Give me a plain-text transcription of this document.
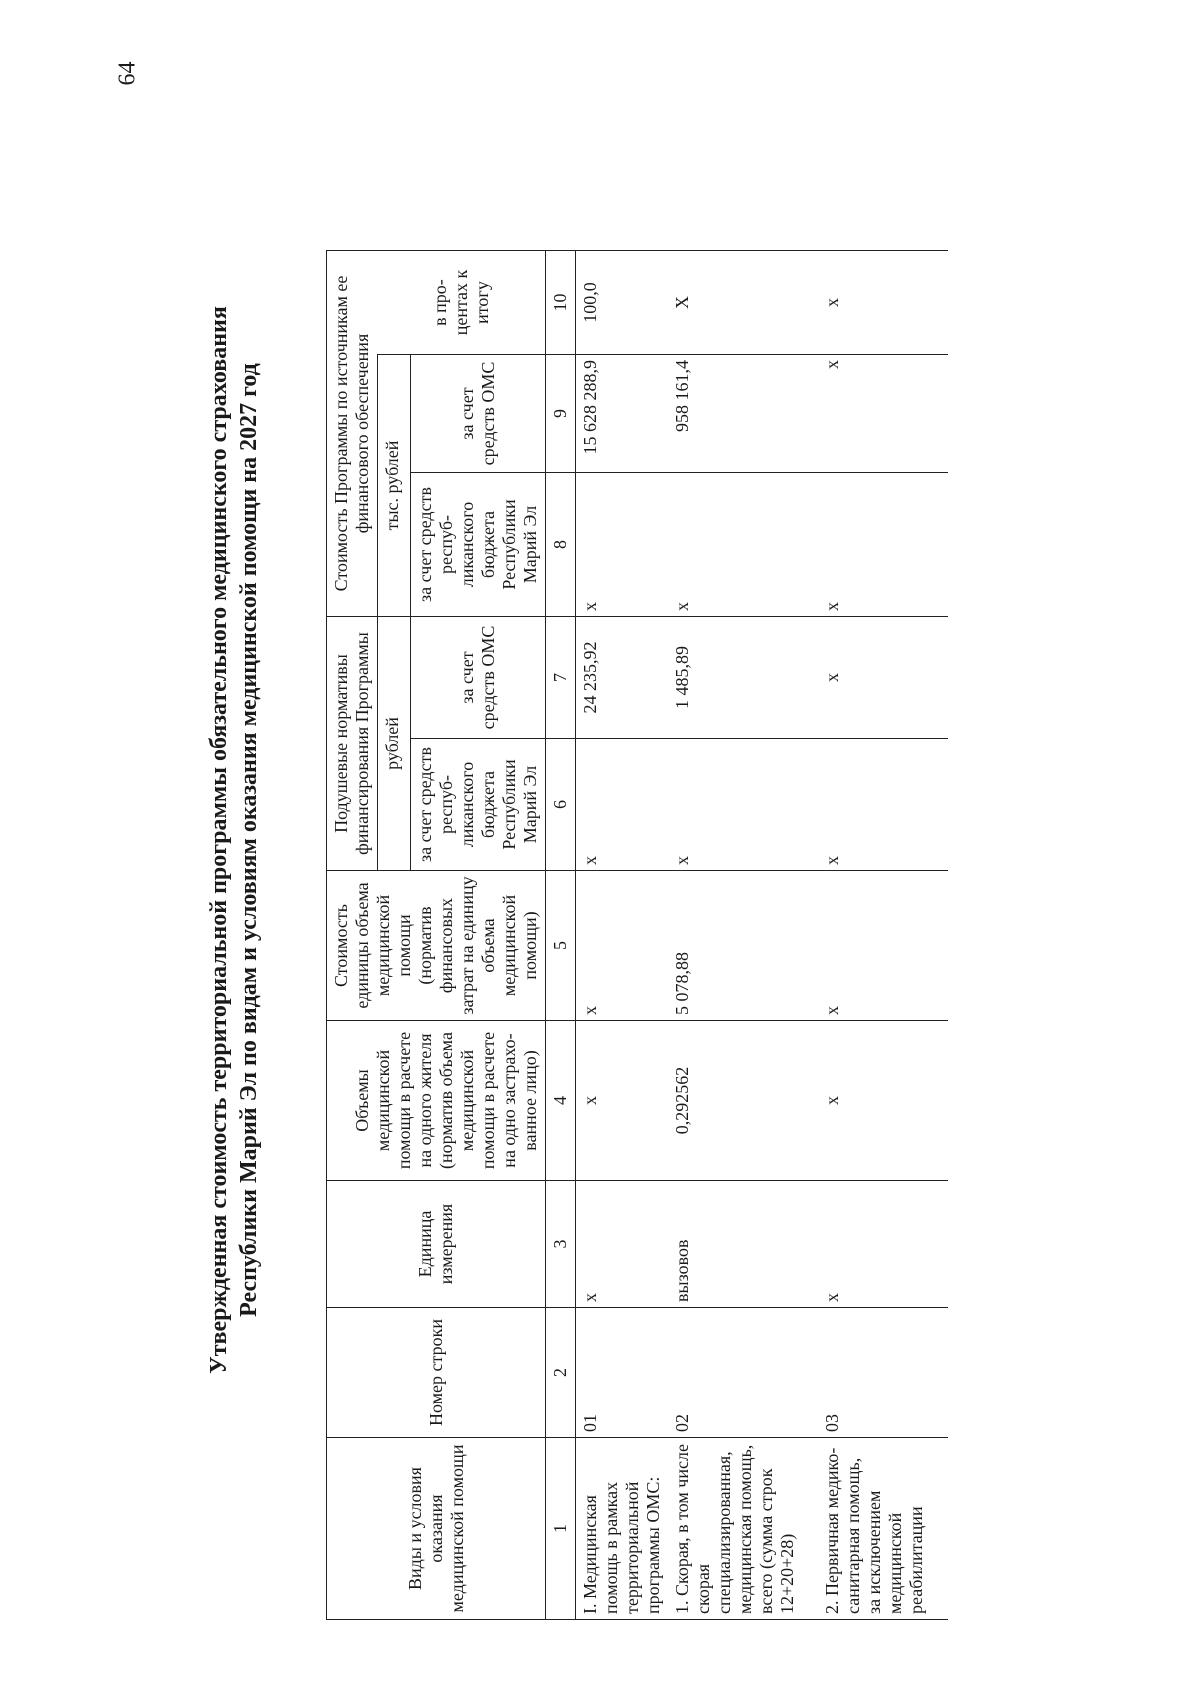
64
Утвержденная стоимость территориальной программы обязательного медицинского страхования Республики Марий Эл по видам и условиям оказания медицинской помощи на 2027 год
Виды и условия оказания медицинской помощи	Номер строки	Единица измерения	Объемы медицинской помощи в расчете на одного жителя (норматив объема медицинской помощи в расчете на одно застрахо-ванное лицо)	Стоимость единицы объема медицинской помощи (норматив финансовых затрат на единицу объема медицинской помощи)	Подушевые нормативы финансирования Программы		Стоимость Программы по источникам ее финансового обеспечения		
					рублей		тыс. рублей		в про-центах к итогу
					за счет средств респуб-ликанского бюджета Республики Марий Эл	за счет средств ОМС	за счет средств респуб-ликанского бюджета Республики Марий Эл	за счет средств ОМС	
1	2	3	4	5	6	7	8	9	10
I. Медицинская помощь в рамках территориальной программы ОМС:	01	х	х	х	х	24 235,92	х	15 628 288,9	100,0
1. Скорая, в том числе скорая специализированная, медицинская помощь, всего (сумма строк 12+20+28)	02	вызовов	0,292562	5 078,88	х	1 485,89	х	958 161,4	Х
2. Первичная медико-санитарная помощь, за исключением медицинской реабилитации	03	х	х	х	х	х	х	х	х
